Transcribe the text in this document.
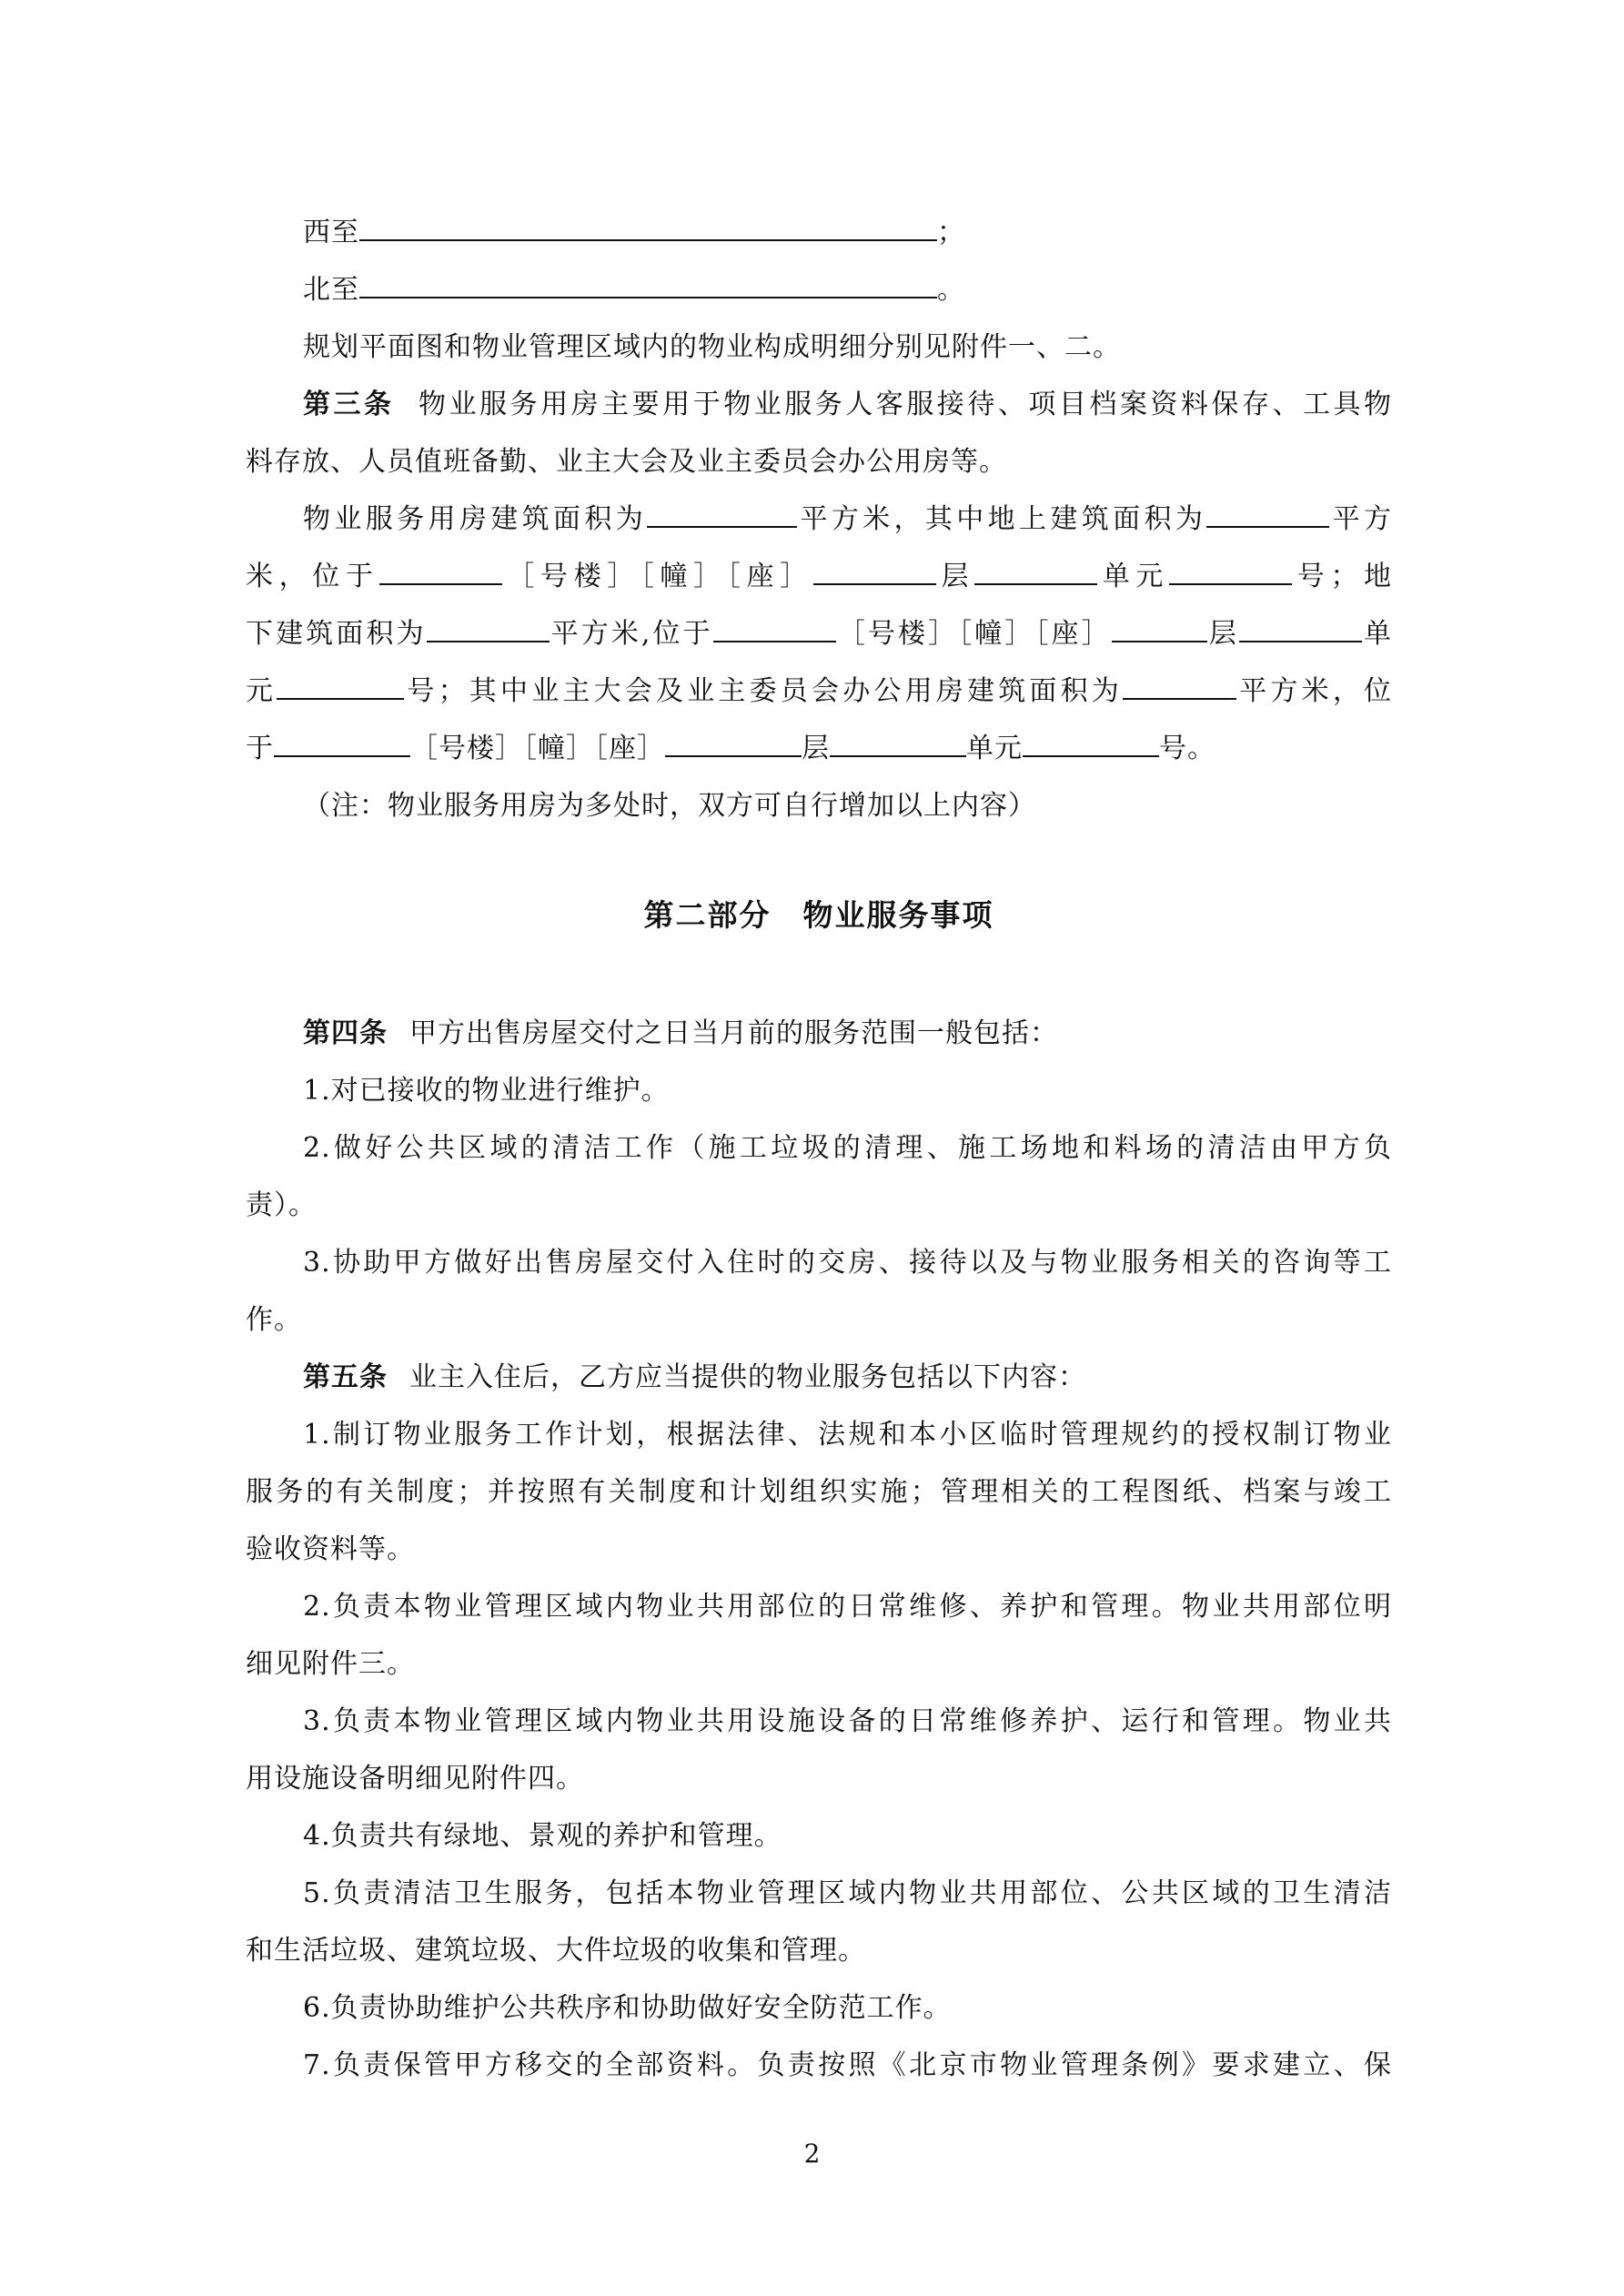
西至	；
北至	。
规划平面图和物业管理区域内的物业构成明细分别见附件一、二。
第三条 物业服务用房主要用于物业服务人客服接待、项目档案资料保存、工具物
料存放、人员值班备勤、业主大会及业主委员会办公用房等。
物业服务用房建筑面积为	平方米，其中地上建筑面积为	平方
米，位于	［号楼］［幢］［座］	层	单元	号；地
下建筑面积为	平方米,位于	［号楼］［幢］［座］	层	单
元	号；其中业主大会及业主委员会办公用房建筑面积为	平方米，位
于	［号楼］［幢］［座］	层	单元	号。
（注：物业服务用房为多处时，双方可自行增加以上内容）
第二部分　物业服务事项
第四条 甲方出售房屋交付之日当月前的服务范围一般包括：
1.对已接收的物业进行维护。
2.做好公共区域的清洁工作（施工垃圾的清理、施工场地和料场的清洁由甲方负
责）。
3.协助甲方做好出售房屋交付入住时的交房、接待以及与物业服务相关的咨询等工
作。
第五条 业主入住后，乙方应当提供的物业服务包括以下内容：
1.制订物业服务工作计划，根据法律、法规和本小区临时管理规约的授权制订物业
服务的有关制度；并按照有关制度和计划组织实施；管理相关的工程图纸、档案与竣工
验收资料等。
2.负责本物业管理区域内物业共用部位的日常维修、养护和管理。物业共用部位明
细见附件三。
3.负责本物业管理区域内物业共用设施设备的日常维修养护、运行和管理。物业共
用设施设备明细见附件四。
4.负责共有绿地、景观的养护和管理。
5.负责清洁卫生服务，包括本物业管理区域内物业共用部位、公共区域的卫生清洁
和生活垃圾、建筑垃圾、大件垃圾的收集和管理。
6.负责协助维护公共秩序和协助做好安全防范工作。
7.负责保管甲方移交的全部资料。负责按照《北京市物业管理条例》要求建立、保
2
